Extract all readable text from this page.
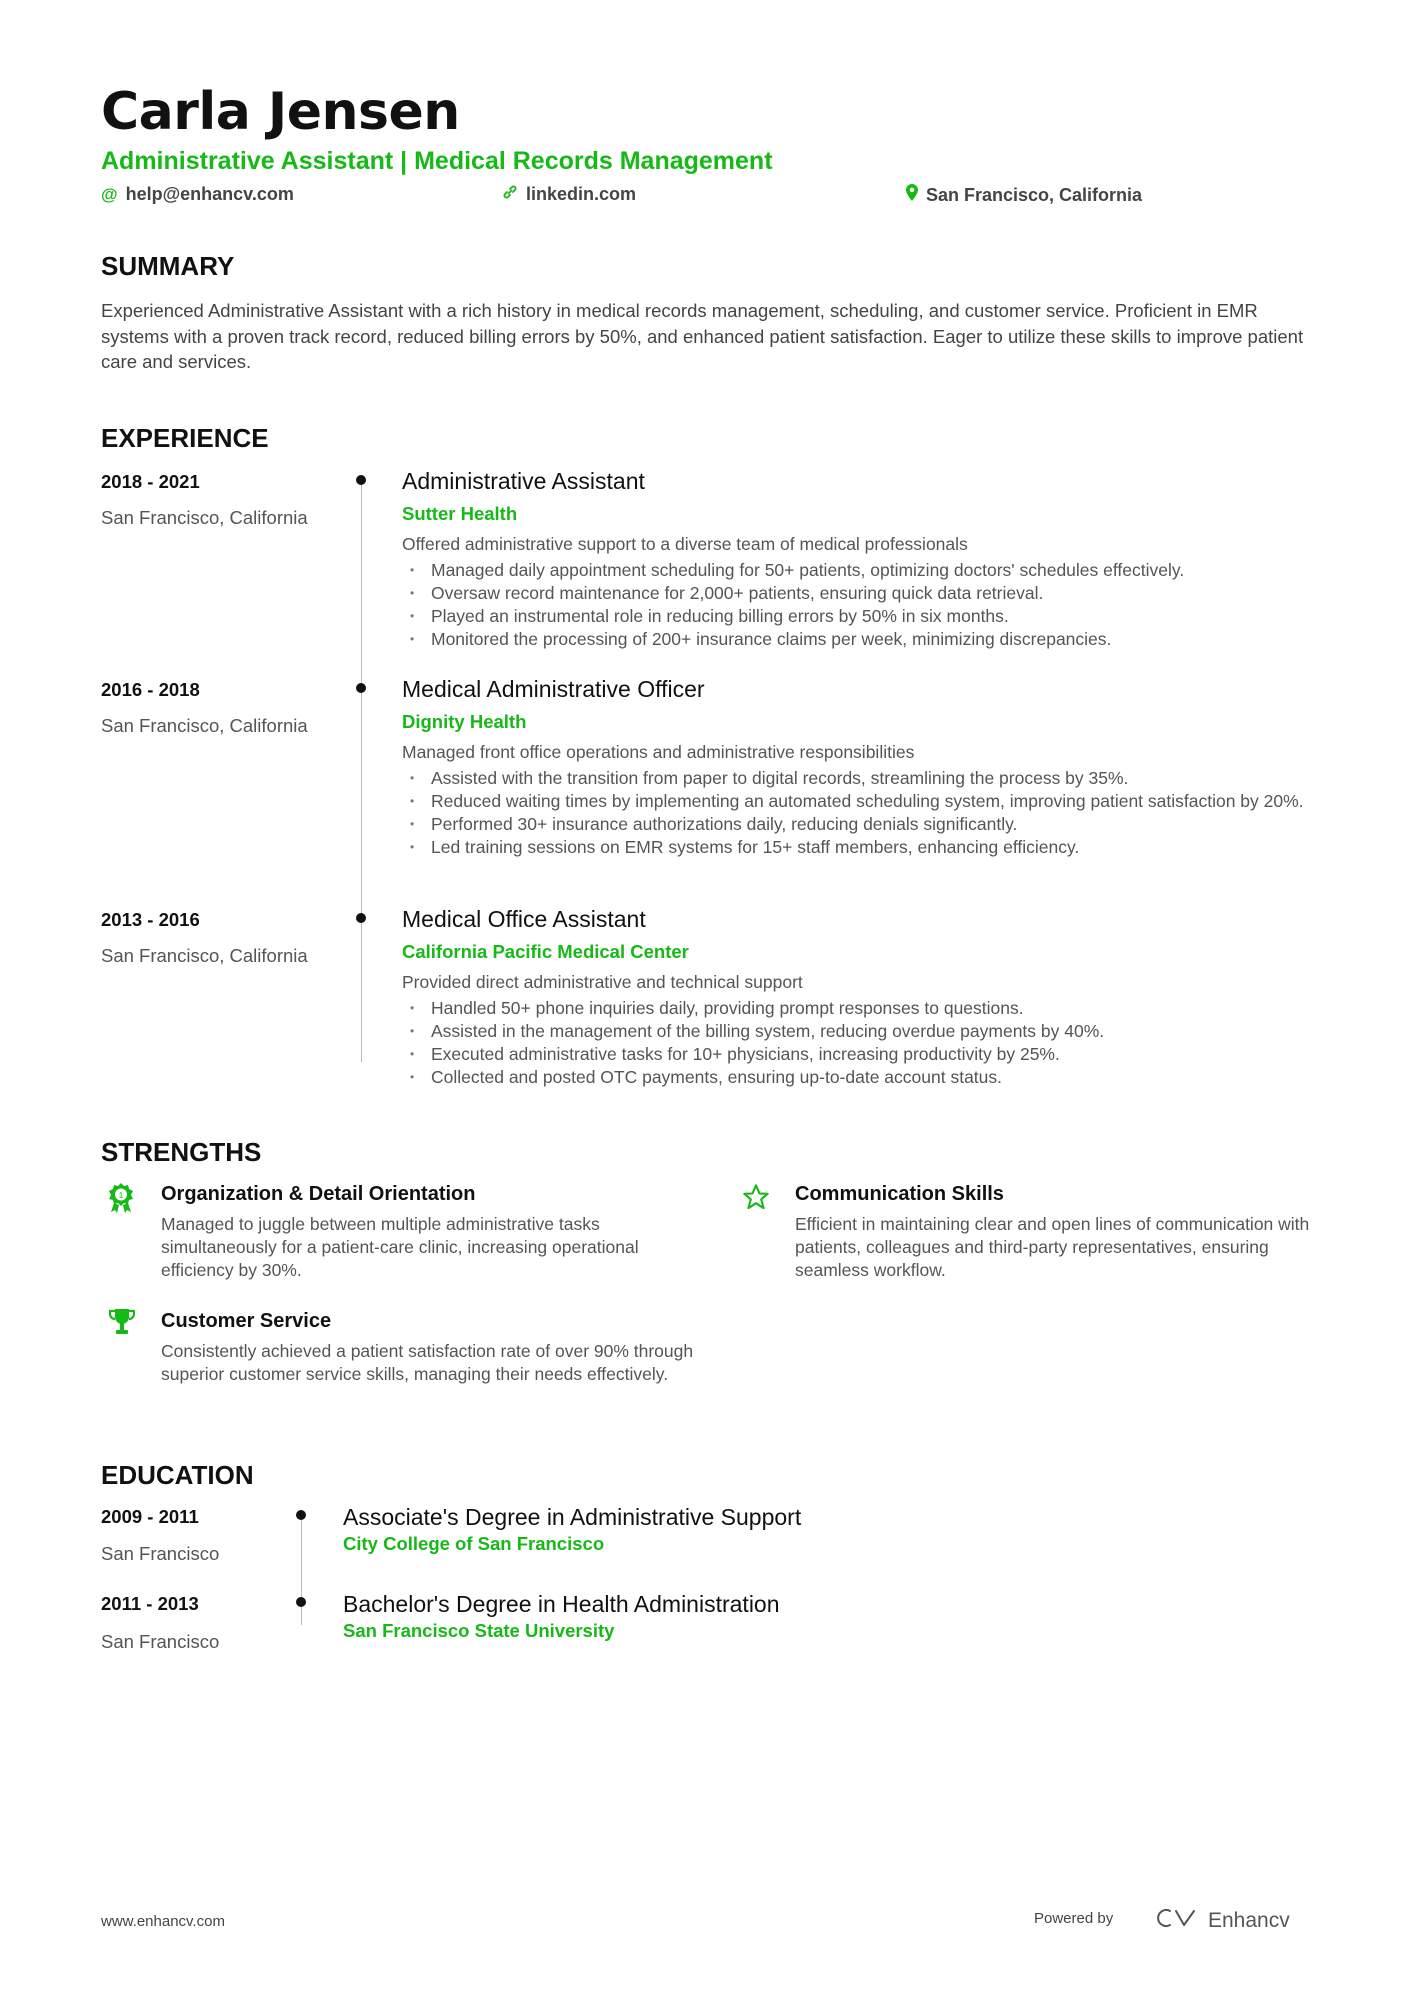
Carla Jensen
Administrative Assistant | Medical Records Management
@ help@enhancv.com	linkedin.com	San Francisco, California
SUMMARY
Experienced Administrative Assistant with a rich history in medical records management, scheduling, and customer service. Proficient in EMR systems with a proven track record, reduced billing errors by 50%, and enhanced patient satisfaction. Eager to utilize these skills to improve patient care and services.
EXPERIENCE
2018 - 2021
San Francisco, California
Administrative Assistant
Sutter Health
Offered administrative support to a diverse team of medical professionals
• Managed daily appointment scheduling for 50+ patients, optimizing doctors' schedules effectively.
• Oversaw record maintenance for 2,000+ patients, ensuring quick data retrieval.
• Played an instrumental role in reducing billing errors by 50% in six months.
• Monitored the processing of 200+ insurance claims per week, minimizing discrepancies.
2016 - 2018
San Francisco, California
Medical Administrative Officer
Dignity Health
Managed front office operations and administrative responsibilities
• Assisted with the transition from paper to digital records, streamlining the process by 35%.
• Reduced waiting times by implementing an automated scheduling system, improving patient satisfaction by 20%.
• Performed 30+ insurance authorizations daily, reducing denials significantly.
• Led training sessions on EMR systems for 15+ staff members, enhancing efficiency.
2013 - 2016
San Francisco, California
Medical Office Assistant
California Pacific Medical Center
Provided direct administrative and technical support
• Handled 50+ phone inquiries daily, providing prompt responses to questions.
• Assisted in the management of the billing system, reducing overdue payments by 40%.
• Executed administrative tasks for 10+ physicians, increasing productivity by 25%.
• Collected and posted OTC payments, ensuring up-to-date account status.
STRENGTHS
1 Organization & Detail Orientation
Managed to juggle between multiple administrative tasks simultaneously for a patient-care clinic, increasing operational efficiency by 30%.
Communication Skills
Efficient in maintaining clear and open lines of communication with patients, colleagues and third-party representatives, ensuring seamless workflow.
Customer Service
Consistently achieved a patient satisfaction rate of over 90% through superior customer service skills, managing their needs effectively.
EDUCATION
2009 - 2011
San Francisco
Associate's Degree in Administrative Support
City College of San Francisco
2011 - 2013
San Francisco
Bachelor's Degree in Health Administration
San Francisco State University
www.enhancv.com	Powered by	Enhancv
